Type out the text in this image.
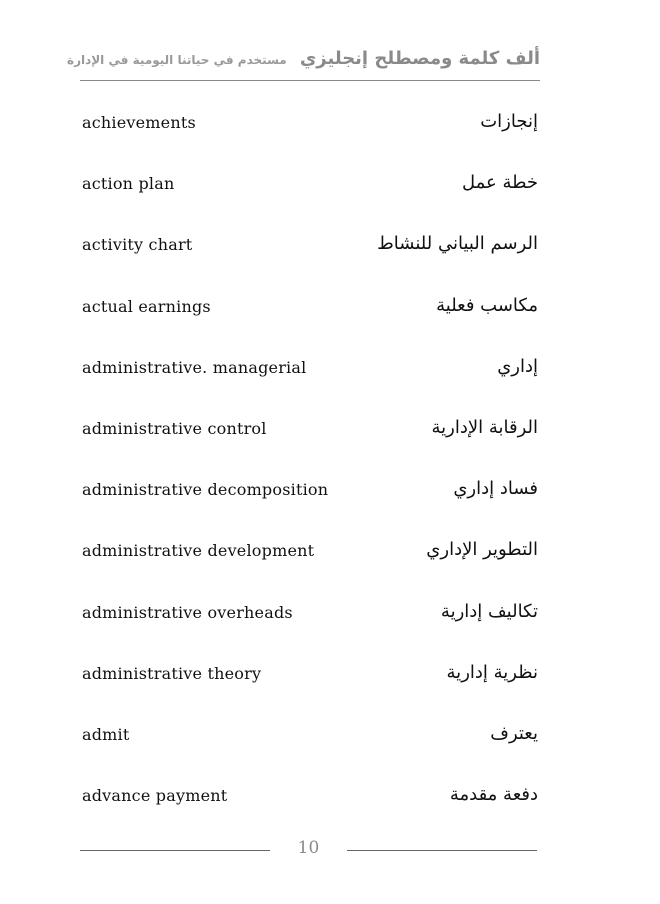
ألف كلمة ومصطلح إنجليزي مستخدم في حياتنا اليومية في الإدارة
achievements	إنجازات
action plan	خطة عمل
activity chart	الرسم البياني للنشاط
actual earnings	مكاسب فعلية
administrative. managerial	إداري
administrative control	الرقابة الإدارية
administrative decomposition	فساد إداري
administrative development	التطوير الإداري
administrative overheads	تكاليف إدارية
administrative theory	نظرية إدارية
admit	يعترف
advance payment	دفعة مقدمة
10
